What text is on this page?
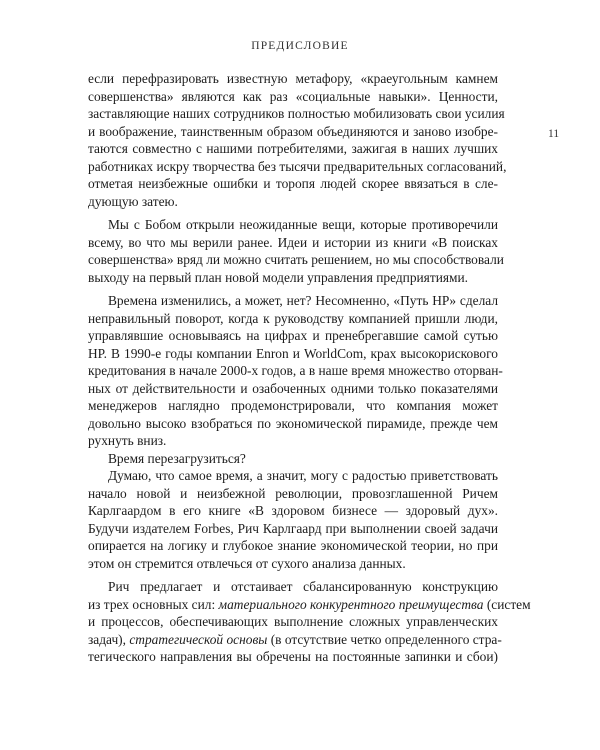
ПРЕДИСЛОВИЕ
11
если перефразировать известную метафору, «краеугольным камнем
совершенства» являются как раз «социальные навыки». Ценности,
заставляющие наших сотрудников полностью мобилизовать свои усилия
и воображение, таинственным образом объединяются и заново изобре-
таются совместно с нашими потребителями, зажигая в наших лучших
работниках искру творчества без тысячи предварительных согласований,
отметая неизбежные ошибки и торопя людей скорее ввязаться в сле-
дующую затею.
Мы с Бобом открыли неожиданные вещи, которые противоречили
всему, во что мы верили ранее. Идеи и истории из книги «В поисках
совершенства» вряд ли можно считать решением, но мы способствовали
выходу на первый план новой модели управления предприятиями.
Времена изменились, а может, нет? Несомненно, «Путь HP» сделал
неправильный поворот, когда к руководству компанией пришли люди,
управлявшие основываясь на цифрах и пренебрегавшие самой сутью
HP. В 1990-е годы компании Enron и WorldCom, крах высокорискового
кредитования в начале 2000-х годов, а в наше время множество оторван-
ных от действительности и озабоченных одними только показателями
менеджеров наглядно продемонстрировали, что компания может
довольно высоко взобраться по экономической пирамиде, прежде чем
рухнуть вниз.
Время перезагрузиться?
Думаю, что самое время, а значит, могу с радостью приветствовать
начало новой и неизбежной революции, провозглашенной Ричем
Карлгаардом в его книге «В здоровом бизнесе — здоровый дух».
Будучи издателем Forbes, Рич Карлгаард при выполнении своей задачи
опирается на логику и глубокое знание экономической теории, но при
этом он стремится отвлечься от сухого анализа данных.
Рич предлагает и отстаивает сбалансированную конструкцию
из трех основных сил: материального конкурентного преимущества (систем
и процессов, обеспечивающих выполнение сложных управленческих
задач), стратегической основы (в отсутствие четко определенного стра-
тегического направления вы обречены на постоянные запинки и сбои)
